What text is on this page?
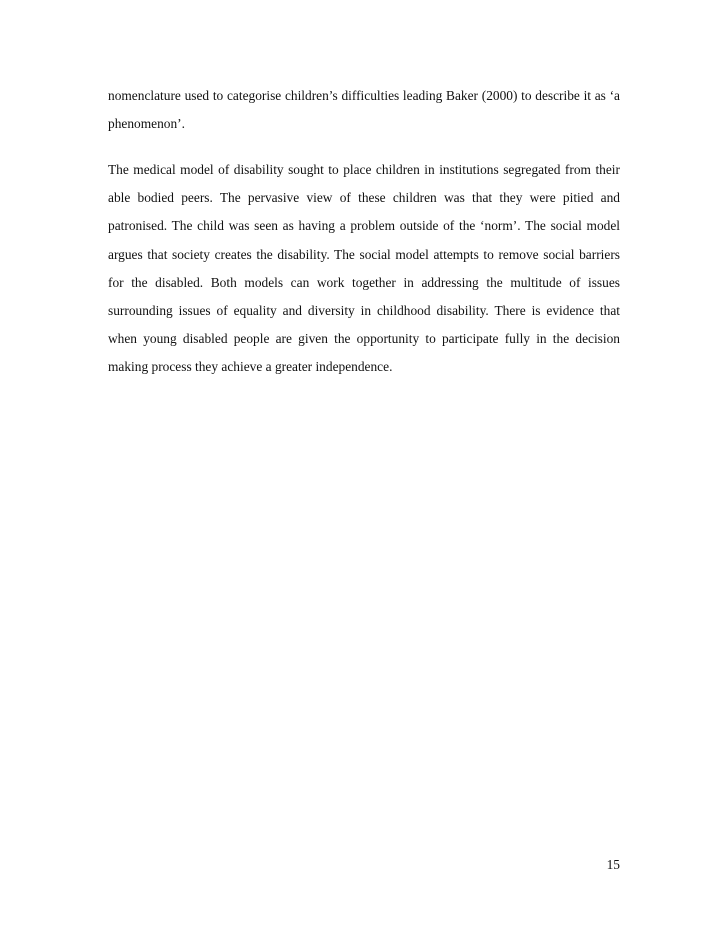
nomenclature used to categorise children’s difficulties leading Baker (2000) to describe it as ‘a phenomenon’.

The medical model of disability sought to place children in institutions segregated from their able bodied peers. The pervasive view of these children was that they were pitied and patronised. The child was seen as having a problem outside of the ‘norm’. The social model argues that society creates the disability. The social model attempts to remove social barriers for the disabled. Both models can work together in addressing the multitude of issues surrounding issues of equality and diversity in childhood disability. There is evidence that when young disabled people are given the opportunity to participate fully in the decision making process they achieve a greater independence.

15
